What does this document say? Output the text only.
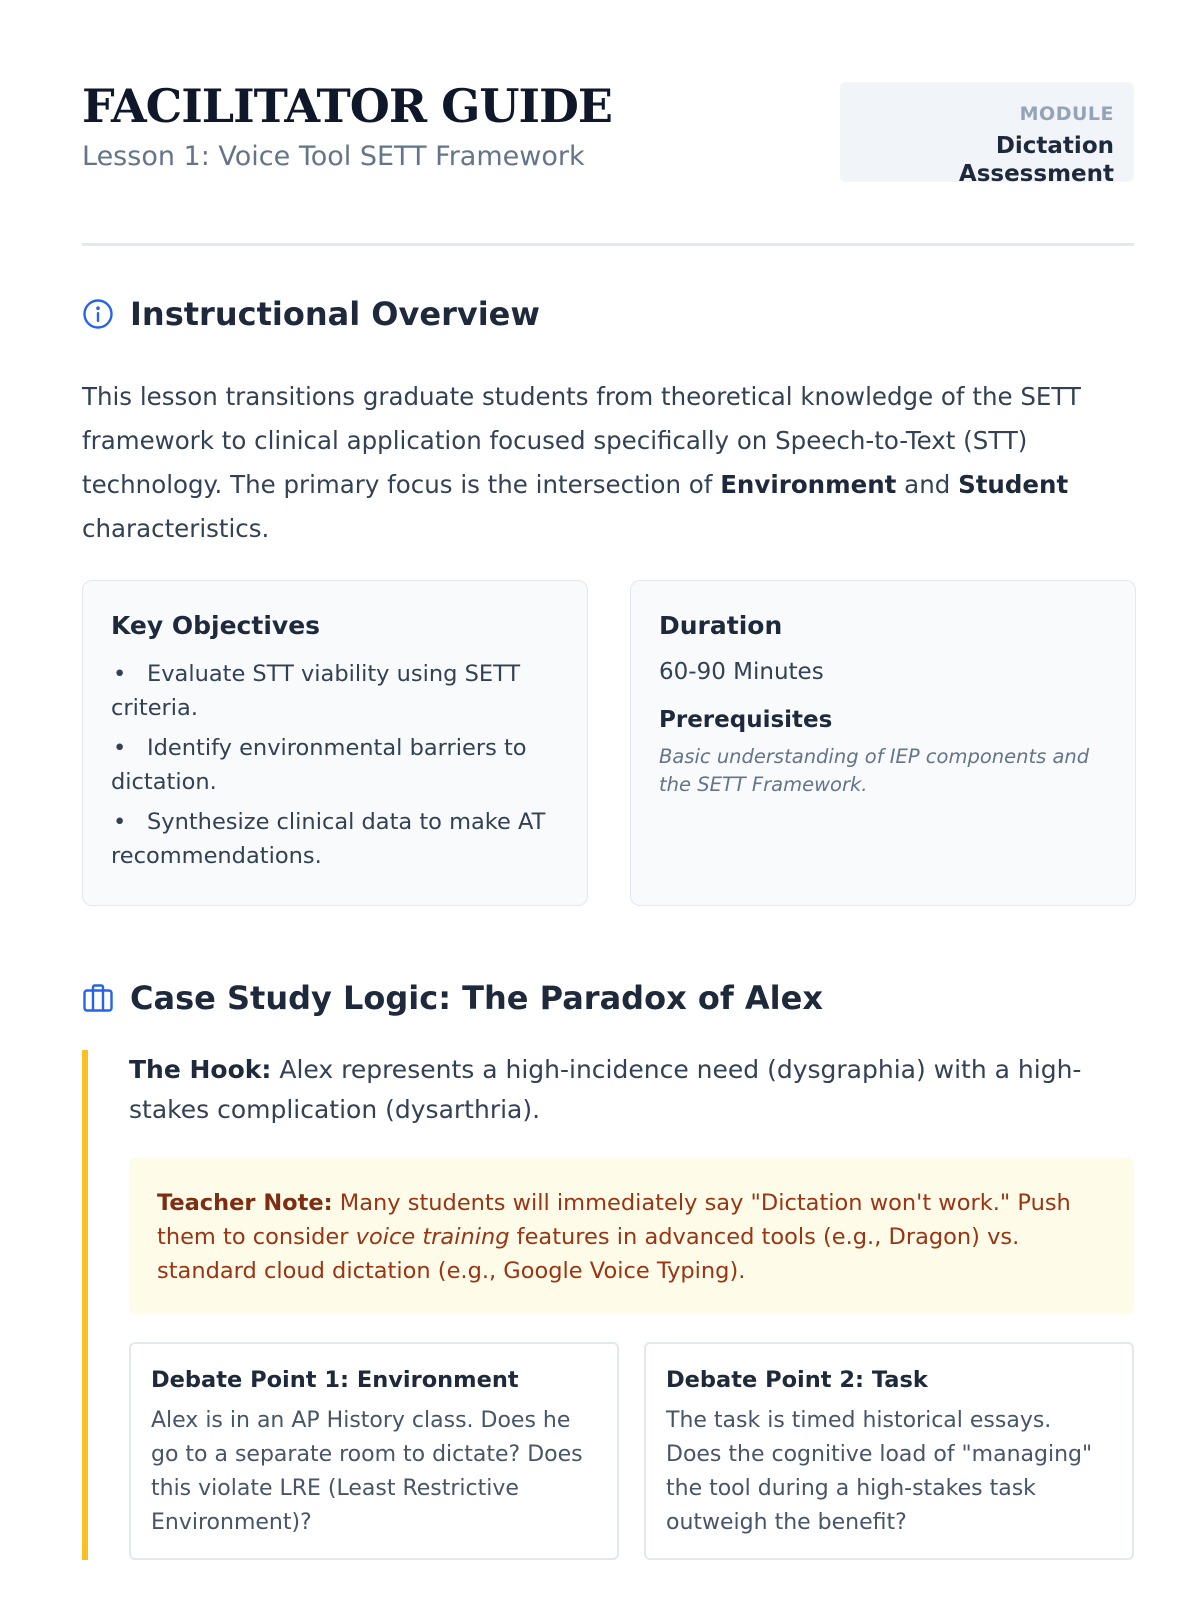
FACILITATOR GUIDE
Lesson 1: Voice Tool SETT Framework
MODULE
Dictation Assessment
Instructional Overview

This lesson transitions graduate students from theoretical knowledge of the SETT framework to clinical application focused specifically on Speech-to-Text (STT) technology. The primary focus is the intersection of Environment and Student characteristics.

Key Objectives
• Evaluate STT viability using SETT criteria.
• Identify environmental barriers to dictation.
• Synthesize clinical data to make AT recommendations.
Duration
60-90 Minutes
Prerequisites
Basic understanding of IEP components and the SETT Framework.
Case Study Logic: The Paradox of Alex

The Hook: Alex represents a high-incidence need (dysgraphia) with a high-stakes complication (dysarthria).

Teacher Note: Many students will immediately say "Dictation won't work." Push them to consider voice training features in advanced tools (e.g., Dragon) vs. standard cloud dictation (e.g., Google Voice Typing).
Debate Point 1: Environment

Alex is in an AP History class. Does he go to a separate room to dictate? Does this violate LRE (Least Restrictive Environment)?

Debate Point 2: Task

The task is timed historical essays. Does the cognitive load of "managing" the tool during a high-stakes task outweigh the benefit?
